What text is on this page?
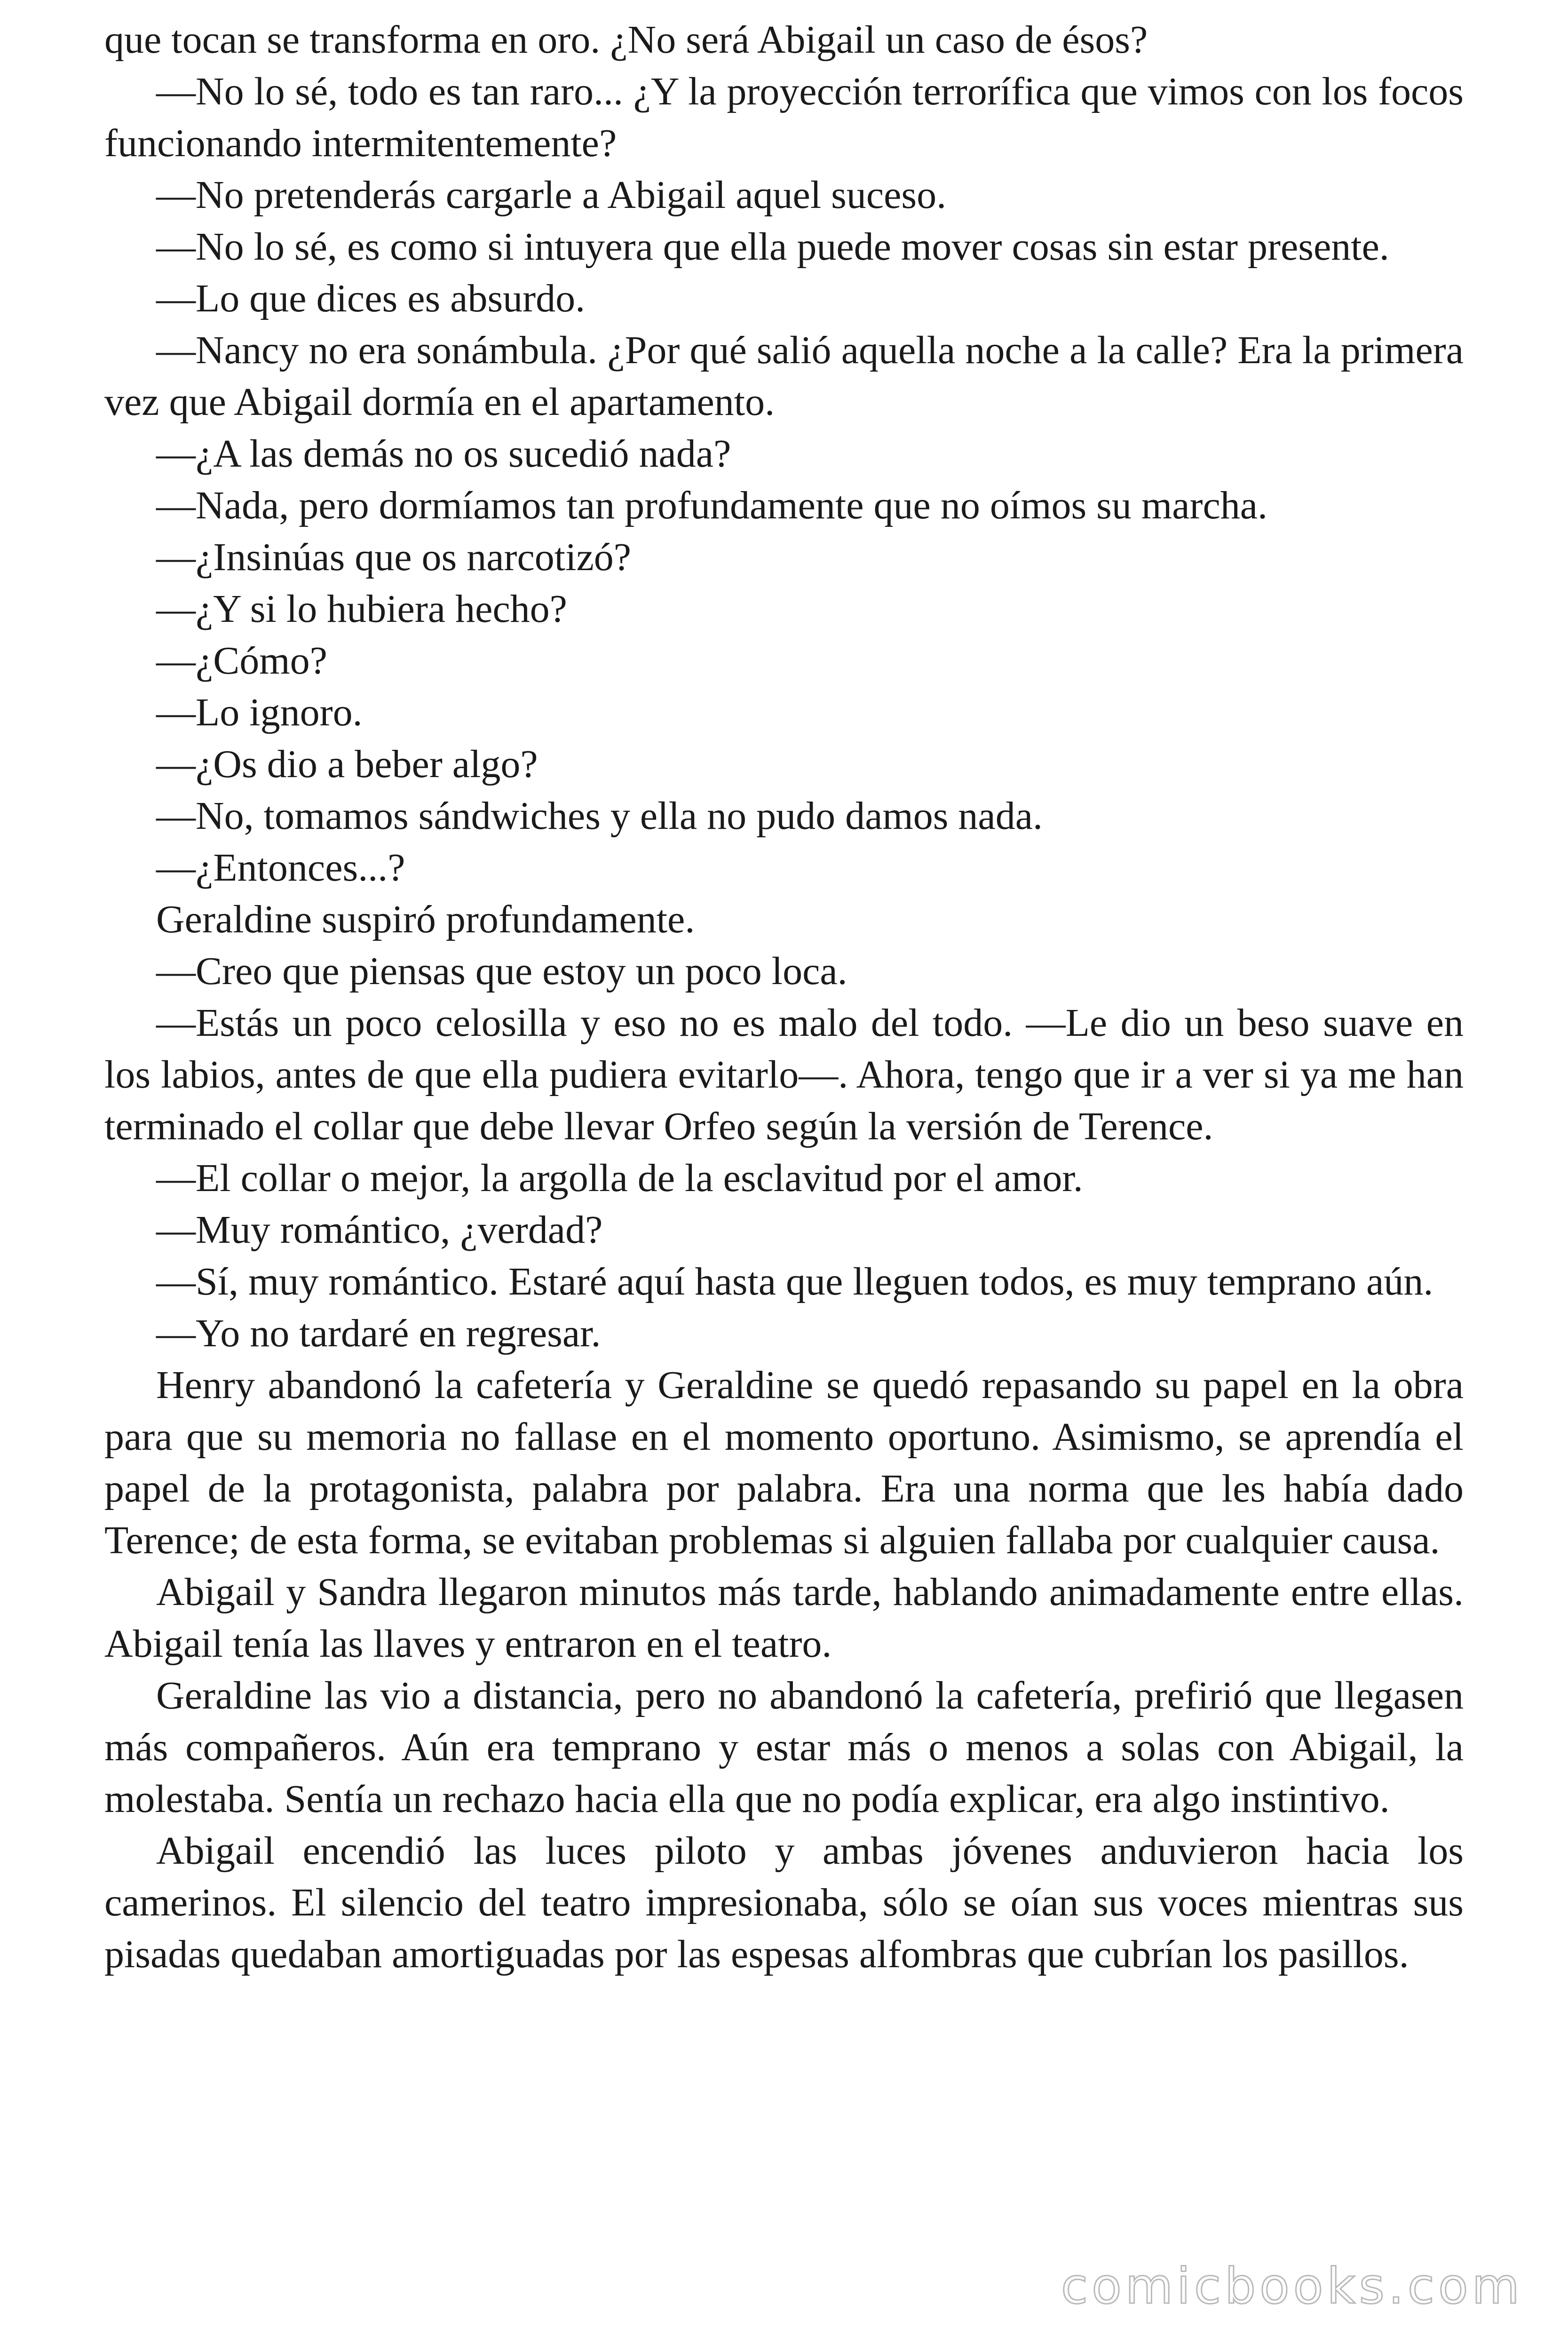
que tocan se transforma en oro. ¿No será Abigail un caso de ésos?

—No lo sé, todo es tan raro... ¿Y la proyección terrorífica que vimos con los focos funcionando intermitentemente?

—No pretenderás cargarle a Abigail aquel suceso.

—No lo sé, es como si intuyera que ella puede mover cosas sin estar presente.

—Lo que dices es absurdo.

—Nancy no era sonámbula. ¿Por qué salió aquella noche a la calle? Era la primera vez que Abigail dormía en el apartamento.

—¿A las demás no os sucedió nada?

—Nada, pero dormíamos tan profundamente que no oímos su marcha.

—¿Insinúas que os narcotizó?

—¿Y si lo hubiera hecho?

—¿Cómo?

—Lo ignoro.

—¿Os dio a beber algo?

—No, tomamos sándwiches y ella no pudo damos nada.

—¿Entonces...?

Geraldine suspiró profundamente.

—Creo que piensas que estoy un poco loca.

—Estás un poco celosilla y eso no es malo del todo. —Le dio un beso suave en los labios, antes de que ella pudiera evitarlo—. Ahora, tengo que ir a ver si ya me han terminado el collar que debe llevar Orfeo según la versión de Terence.

—El collar o mejor, la argolla de la esclavitud por el amor.

—Muy romántico, ¿verdad?

—Sí, muy romántico. Estaré aquí hasta que lleguen todos, es muy temprano aún.

—Yo no tardaré en regresar.

Henry abandonó la cafetería y Geraldine se quedó repasando su papel en la obra para que su memoria no fallase en el momento oportuno. Asimismo, se aprendía el papel de la protagonista, palabra por palabra. Era una norma que les había dado Terence; de esta forma, se evitaban problemas si alguien fallaba por cualquier causa.

Abigail y Sandra llegaron minutos más tarde, hablando animadamente entre ellas. Abigail tenía las llaves y entraron en el teatro.

Geraldine las vio a distancia, pero no abandonó la cafetería, prefirió que llegasen más compañeros. Aún era temprano y estar más o menos a solas con Abigail, la molestaba. Sentía un rechazo hacia ella que no podía explicar, era algo instintivo.

Abigail encendió las luces piloto y ambas jóvenes anduvieron hacia los camerinos. El silencio del teatro impresionaba, sólo se oían sus voces mientras sus pisadas quedaban amortiguadas por las espesas alfombras que cubrían los pasillos.

comicbooks.com
